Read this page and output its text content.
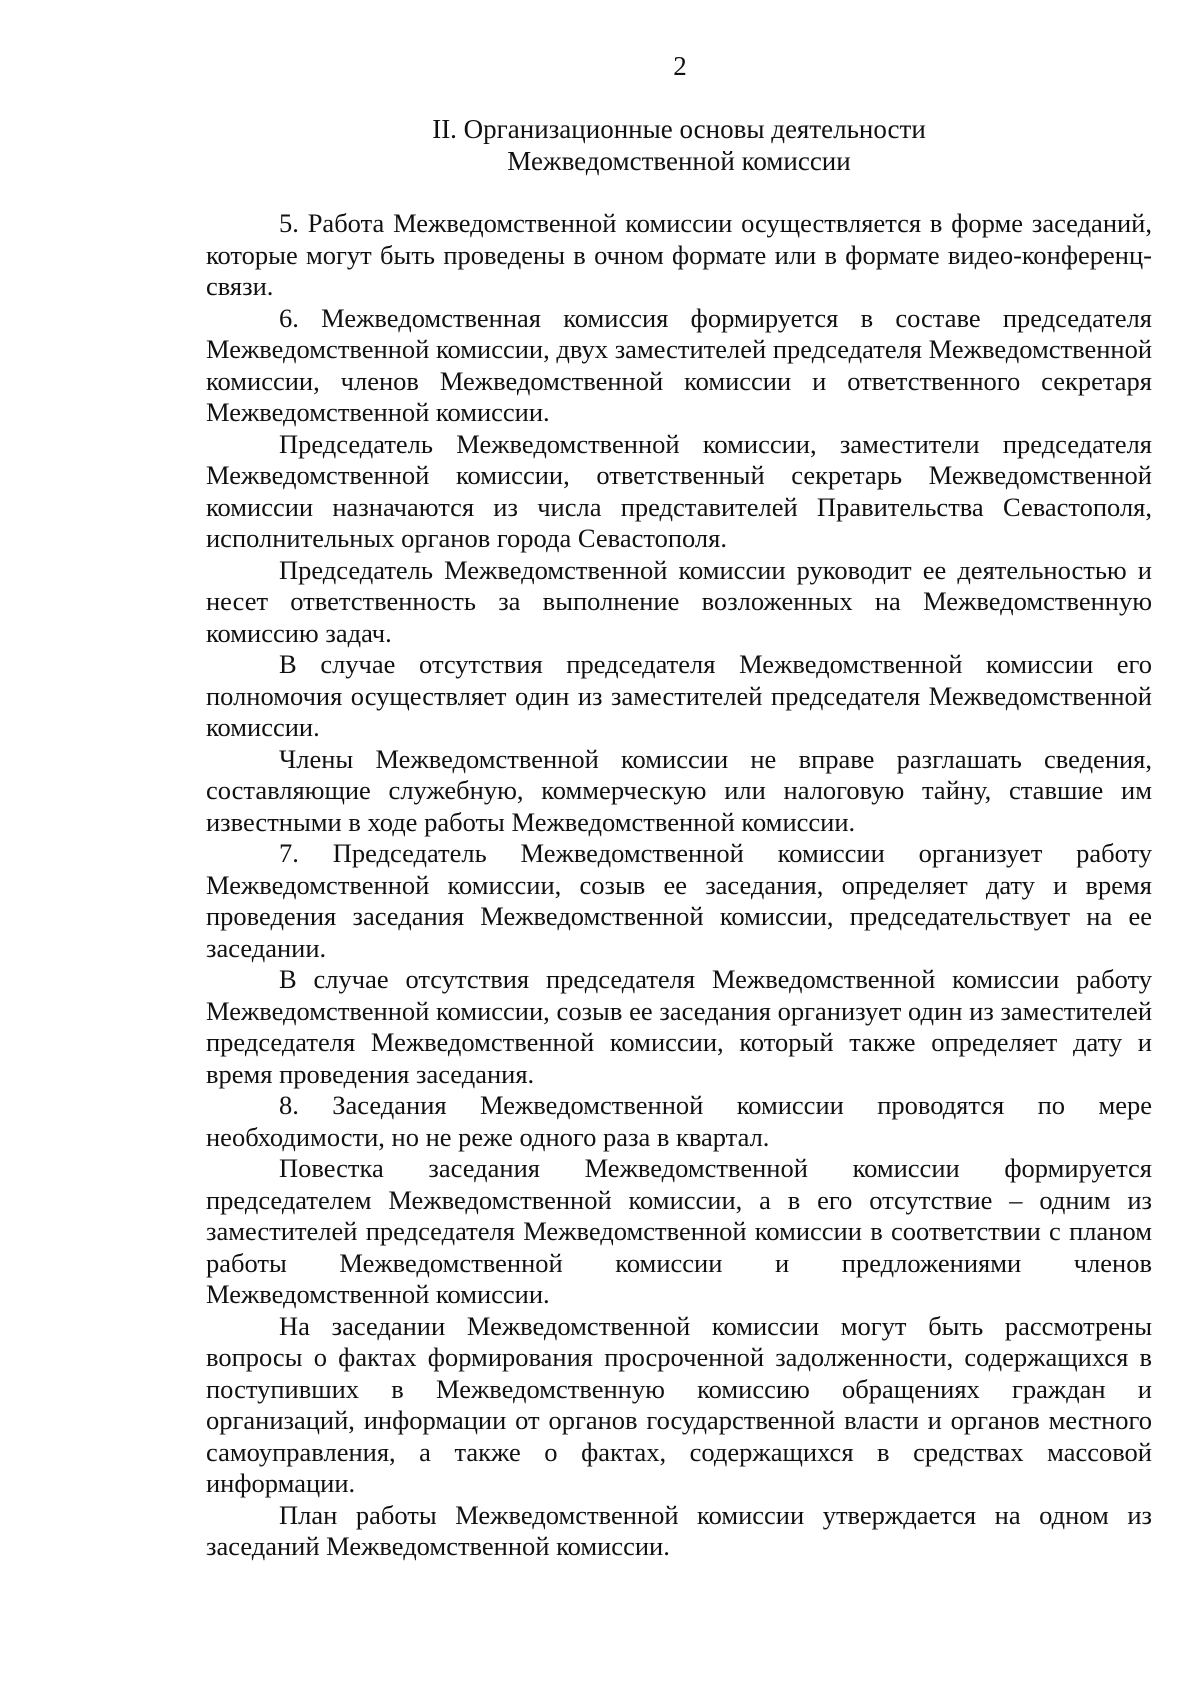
2
II. Организационные основы деятельности
Межведомственной комиссии

5. Работа Межведомственной комиссии осуществляется в форме заседаний, которые могут быть проведены в очном формате или в формате видео-конференц-связи.

6. Межведомственная комиссия формируется в составе председателя Межведомственной комиссии, двух заместителей председателя Межведомственной комиссии, членов Межведомственной комиссии и ответственного секретаря Межведомственной комиссии.

Председатель Межведомственной комиссии, заместители председателя Межведомственной комиссии, ответственный секретарь Межведомственной комиссии назначаются из числа представителей Правительства Севастополя, исполнительных органов города Севастополя.

Председатель Межведомственной комиссии руководит ее деятельностью и несет ответственность за выполнение возложенных на Межведомственную комиссию задач.

В случае отсутствия председателя Межведомственной комиссии его полномочия осуществляет один из заместителей председателя Межведомственной комиссии.

Члены Межведомственной комиссии не вправе разглашать сведения, составляющие служебную, коммерческую или налоговую тайну, ставшие им известными в ходе работы Межведомственной комиссии.

7. Председатель Межведомственной комиссии организует работу Межведомственной комиссии, созыв ее заседания, определяет дату и время проведения заседания Межведомственной комиссии, председательствует на ее заседании.

В случае отсутствия председателя Межведомственной комиссии работу Межведомственной комиссии, созыв ее заседания организует один из заместителей председателя Межведомственной комиссии, который также определяет дату и время проведения заседания.

8. Заседания Межведомственной комиссии проводятся по мере необходимости, но не реже одного раза в квартал.

Повестка заседания Межведомственной комиссии формируется председателем Межведомственной комиссии, а в его отсутствие – одним из заместителей председателя Межведомственной комиссии в соответствии с планом работы Межведомственной комиссии и предложениями членов Межведомственной комиссии.

На заседании Межведомственной комиссии могут быть рассмотрены вопросы о фактах формирования просроченной задолженности, содержащихся в поступивших в Межведомственную комиссию обращениях граждан и организаций, информации от органов государственной власти и органов местного самоуправления, а также о фактах, содержащихся в средствах массовой информации.

План работы Межведомственной комиссии утверждается на одном из заседаний Межведомственной комиссии.
